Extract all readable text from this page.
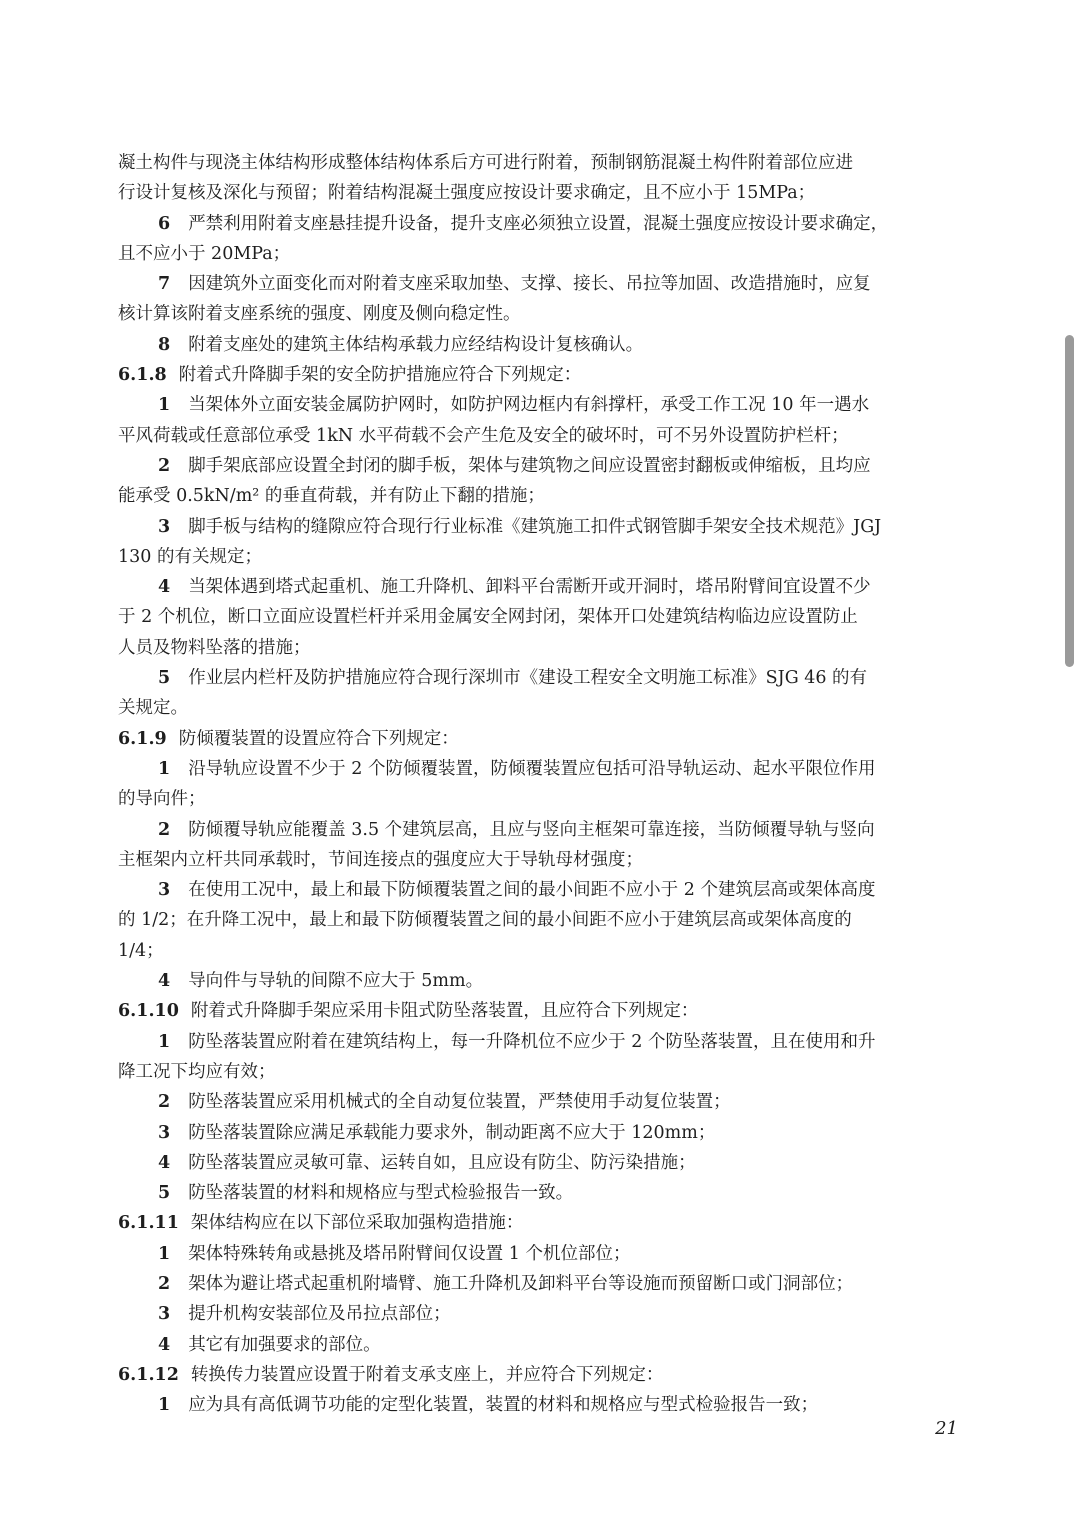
凝土构件与现浇主体结构形成整体结构体系后方可进行附着，预制钢筋混凝土构件附着部位应进
行设计复核及深化与预留；附着结构混凝土强度应按设计要求确定，且不应小于 15MPa；
6 严禁利用附着支座悬挂提升设备，提升支座必须独立设置，混凝土强度应按设计要求确定，
且不应小于 20MPa；
7 因建筑外立面变化而对附着支座采取加垫、支撑、接长、吊拉等加固、改造措施时，应复
核计算该附着支座系统的强度、刚度及侧向稳定性。
8 附着支座处的建筑主体结构承载力应经结构设计复核确认。
6.1.8 附着式升降脚手架的安全防护措施应符合下列规定：
1 当架体外立面安装金属防护网时，如防护网边框内有斜撑杆，承受工作工况 10 年一遇水
平风荷载或任意部位承受 1kN 水平荷载不会产生危及安全的破坏时，可不另外设置防护栏杆；
2 脚手架底部应设置全封闭的脚手板，架体与建筑物之间应设置密封翻板或伸缩板，且均应
能承受 0.5kN/m² 的垂直荷载，并有防止下翻的措施；
3 脚手板与结构的缝隙应符合现行行业标准《建筑施工扣件式钢管脚手架安全技术规范》JGJ
130 的有关规定；
4 当架体遇到塔式起重机、施工升降机、卸料平台需断开或开洞时，塔吊附臂间宜设置不少
于 2 个机位，断口立面应设置栏杆并采用金属安全网封闭，架体开口处建筑结构临边应设置防止
人员及物料坠落的措施；
5 作业层内栏杆及防护措施应符合现行深圳市《建设工程安全文明施工标准》SJG 46 的有
关规定。
6.1.9 防倾覆装置的设置应符合下列规定：
1 沿导轨应设置不少于 2 个防倾覆装置，防倾覆装置应包括可沿导轨运动、起水平限位作用
的导向件；
2 防倾覆导轨应能覆盖 3.5 个建筑层高，且应与竖向主框架可靠连接，当防倾覆导轨与竖向
主框架内立杆共同承载时，节间连接点的强度应大于导轨母材强度；
3 在使用工况中，最上和最下防倾覆装置之间的最小间距不应小于 2 个建筑层高或架体高度
的 1/2；在升降工况中，最上和最下防倾覆装置之间的最小间距不应小于建筑层高或架体高度的
1/4；
4 导向件与导轨的间隙不应大于 5mm。
6.1.10 附着式升降脚手架应采用卡阻式防坠落装置，且应符合下列规定：
1 防坠落装置应附着在建筑结构上，每一升降机位不应少于 2 个防坠落装置，且在使用和升
降工况下均应有效；
2 防坠落装置应采用机械式的全自动复位装置，严禁使用手动复位装置；
3 防坠落装置除应满足承载能力要求外，制动距离不应大于 120mm；
4 防坠落装置应灵敏可靠、运转自如，且应设有防尘、防污染措施；
5 防坠落装置的材料和规格应与型式检验报告一致。
6.1.11 架体结构应在以下部位采取加强构造措施：
1 架体特殊转角或悬挑及塔吊附臂间仅设置 1 个机位部位；
2 架体为避让塔式起重机附墙臂、施工升降机及卸料平台等设施而预留断口或门洞部位；
3 提升机构安装部位及吊拉点部位；
4 其它有加强要求的部位。
6.1.12 转换传力装置应设置于附着支承支座上，并应符合下列规定：
1 应为具有高低调节功能的定型化装置，装置的材料和规格应与型式检验报告一致；
21
